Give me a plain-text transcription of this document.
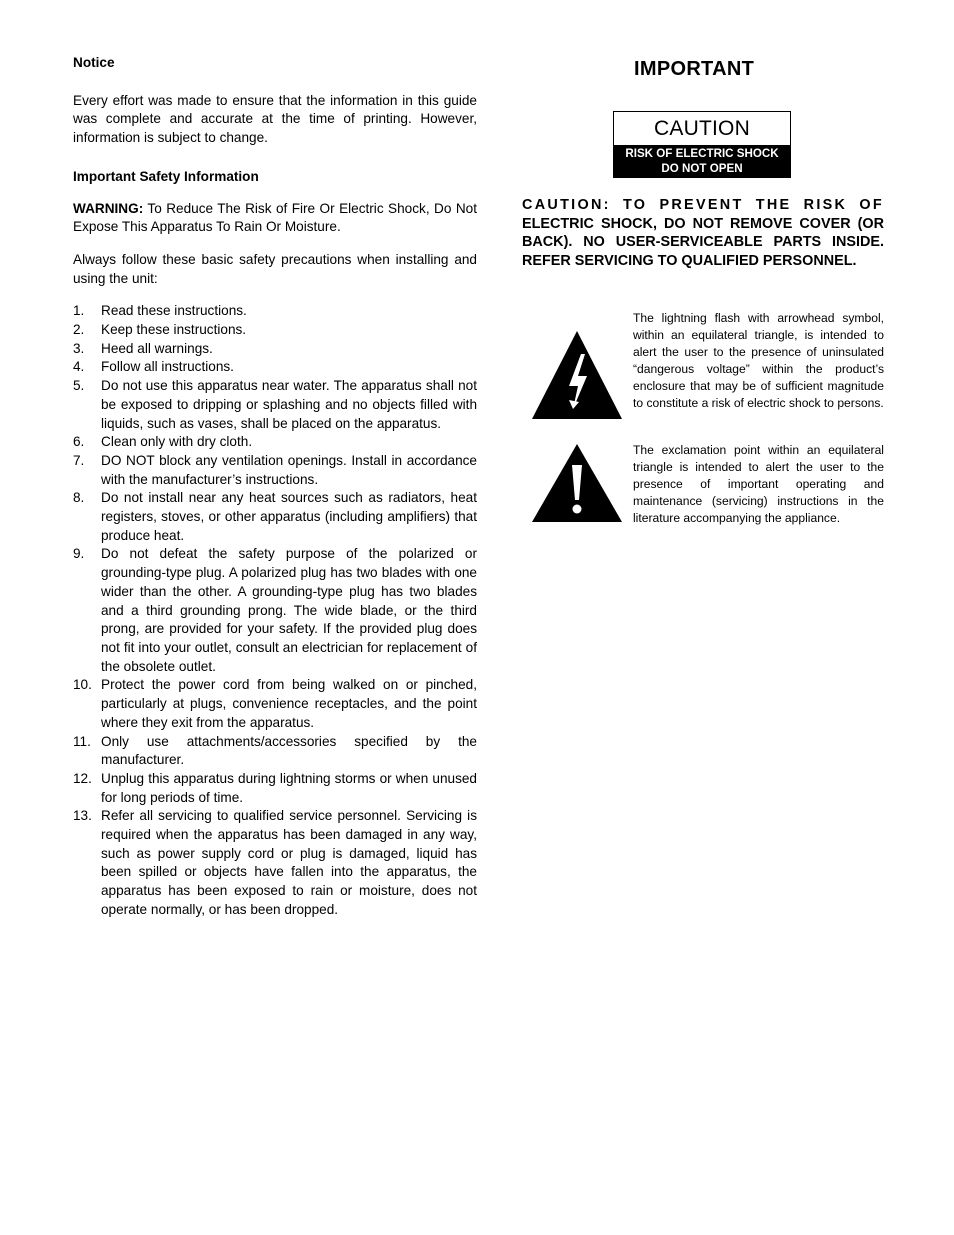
Notice

Every effort was made to ensure that the information in this guide was complete and accurate at the time of printing. However, information is subject to change.

Important Safety Information

WARNING: To Reduce The Risk of Fire Or Electric Shock, Do Not Expose This Apparatus To Rain Or Moisture.

Always follow these basic safety precautions when installing and using the unit:

1. Read these instructions.
2. Keep these instructions.
3. Heed all warnings.
4. Follow all instructions.
5. Do not use this apparatus near water. The apparatus shall not be exposed to dripping or splashing and no objects filled with liquids, such as vases, shall be placed on the apparatus.
6. Clean only with dry cloth.
7. DO NOT block any ventilation openings. Install in accordance with the manufacturer’s instructions.
8. Do not install near any heat sources such as radiators, heat registers, stoves, or other apparatus (including amplifiers) that produce heat.
9. Do not defeat the safety purpose of the polarized or grounding-type plug. A polarized plug has two blades with one wider than the other. A grounding-type plug has two blades and a third grounding prong. The wide blade, or the third prong, are provided for your safety. If the provided plug does not fit into your outlet, consult an electrician for replacement of the obsolete outlet.
10. Protect the power cord from being walked on or pinched, particularly at plugs, convenience receptacles, and the point where they exit from the apparatus.
11. Only use attachments/accessories specified by the manufacturer.
12. Unplug this apparatus during lightning storms or when unused for long periods of time.
13. Refer all servicing to qualified service personnel. Servicing is required when the apparatus has been damaged in any way, such as power supply cord or plug is damaged, liquid has been spilled or objects have fallen into the apparatus, the apparatus has been exposed to rain or moisture, does not operate normally, or has been dropped.
IMPORTANT
CAUTION
RISK OF ELECTRIC SHOCK
DO NOT OPEN

CAUTION: TO PREVENT THE RISK OF ELECTRIC SHOCK, DO NOT REMOVE COVER (OR BACK). NO USER-SERVICEABLE PARTS INSIDE. REFER SERVICING TO QUALIFIED PERSONNEL.

The lightning flash with arrowhead symbol, within an equilateral triangle, is intended to alert the user to the presence of uninsulated “dangerous voltage” within the product’s enclosure that may be of sufficient magnitude to constitute a risk of electric shock to persons.

The exclamation point within an equilateral triangle is intended to alert the user to the presence of important operating and maintenance (servicing) instructions in the literature accompanying the appliance.
